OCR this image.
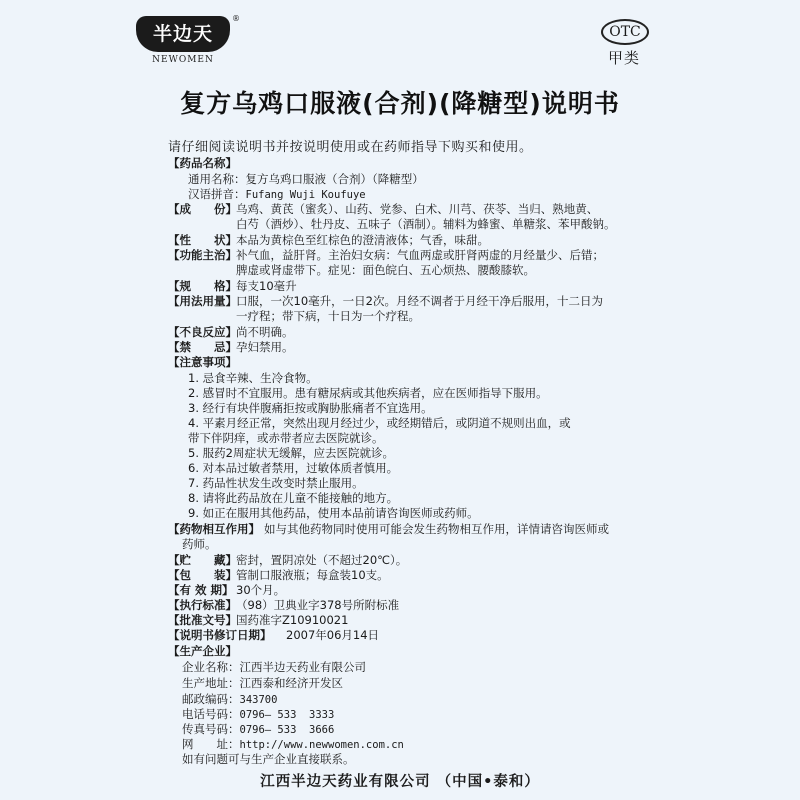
半边天
®
NEWOMEN
OTC
甲类
复方乌鸡口服液(合剂)(降糖型)说明书
请仔细阅读说明书并按说明使用或在药师指导下购买和使用。
【药品名称】
通用名称：复方乌鸡口服液（合剂）（降糖型）
汉语拼音：Fufang Wuji Koufuye
【成　　份】 乌鸡、黄芪（蜜炙）、山药、党参、白术、川芎、茯苓、当归、熟地黄、
白芍（酒炒）、牡丹皮、五味子（酒制）。辅料为蜂蜜、单糖浆、苯甲酸钠。
【性　　状】 本品为黄棕色至红棕色的澄清液体；气香，味甜。
【功能主治】 补气血，益肝肾。主治妇女病：气血两虚或肝肾两虚的月经量少、后错；
脾虚或肾虚带下。症见：面色皖白、五心烦热、腰酸膝软。
【规　　格】 每支10毫升
【用法用量】 口服，一次10毫升，一日2次。月经不调者于月经干净后服用，十二日为
一疗程；带下病，十日为一个疗程。
【不良反应】 尚不明确。
【禁　　忌】 孕妇禁用。
【注意事项】
1. 忌食辛辣、生冷食物。
2. 感冒时不宜服用。患有糖尿病或其他疾病者，应在医师指导下服用。
3. 经行有块伴腹痛拒按或胸胁胀痛者不宜选用。
4. 平素月经正常，突然出现月经过少，或经期错后，或阴道不规则出血，或
带下伴阴痒，或赤带者应去医院就诊。
5. 服药2周症状无缓解，应去医院就诊。
6. 对本品过敏者禁用，过敏体质者慎用。
7. 药品性状发生改变时禁止服用。
8. 请将此药品放在儿童不能接触的地方。
9. 如正在服用其他药品，使用本品前请咨询医师或药师。
【药物相互作用】 如与其他药物同时使用可能会发生药物相互作用，详情请咨询医师或
药师。
【贮　　藏】 密封，置阴凉处（不超过20℃）。
【包　　装】 管制口服液瓶；每盒装10支。
【有 效 期】 30个月。
【执行标准】 （98）卫典业字378号所附标准
【批准文号】 国药准字Z10910021
【说明书修订日期】 2007年06月14日
【生产企业】
企业名称：江西半边天药业有限公司
生产地址：江西泰和经济开发区
邮政编码：343700
电话号码：0796— 533  3333
传真号码：0796— 533  3666
网　　址：http://www.newwomen.com.cn
如有问题可与生产企业直接联系。
江西半边天药业有限公司 （中国•泰和）
